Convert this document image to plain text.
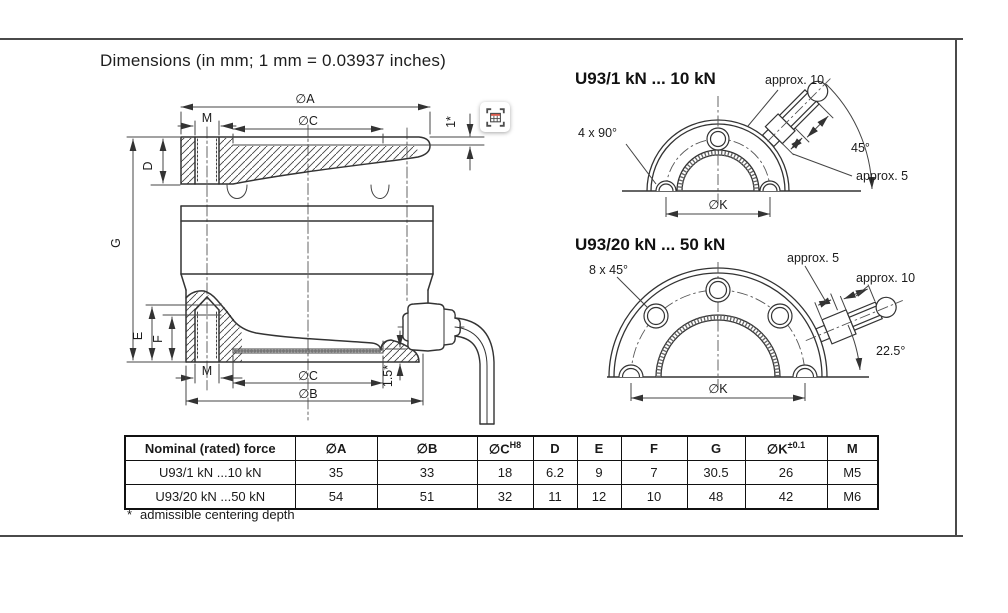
Dimensions (in mm; 1 mm = 0.03937 inches)
∅A
M	∅C	1*
G
D
E F
M	∅C
∅B
1.5*
U93/1 kN ... 10 kN	approx. 10
4 x 90°
45°
approx. 5
∅K
U93/20 kN ... 50 kN
approx. 5
approx. 10
8 x 45°
22.5°
∅K
Nominal (rated) force	∅A	∅B	$\emptyset C^{H8}$	D	E	F	G	$\emptyset K^{\pm 0.1}$	M
U93/1 kN ...10 kN	35	33	18	6.2	9	7	30.5	26	M5
U93/20 kN ...50 kN	54	51	32	11	12	10	48	42	M6
* admissible centering depth
